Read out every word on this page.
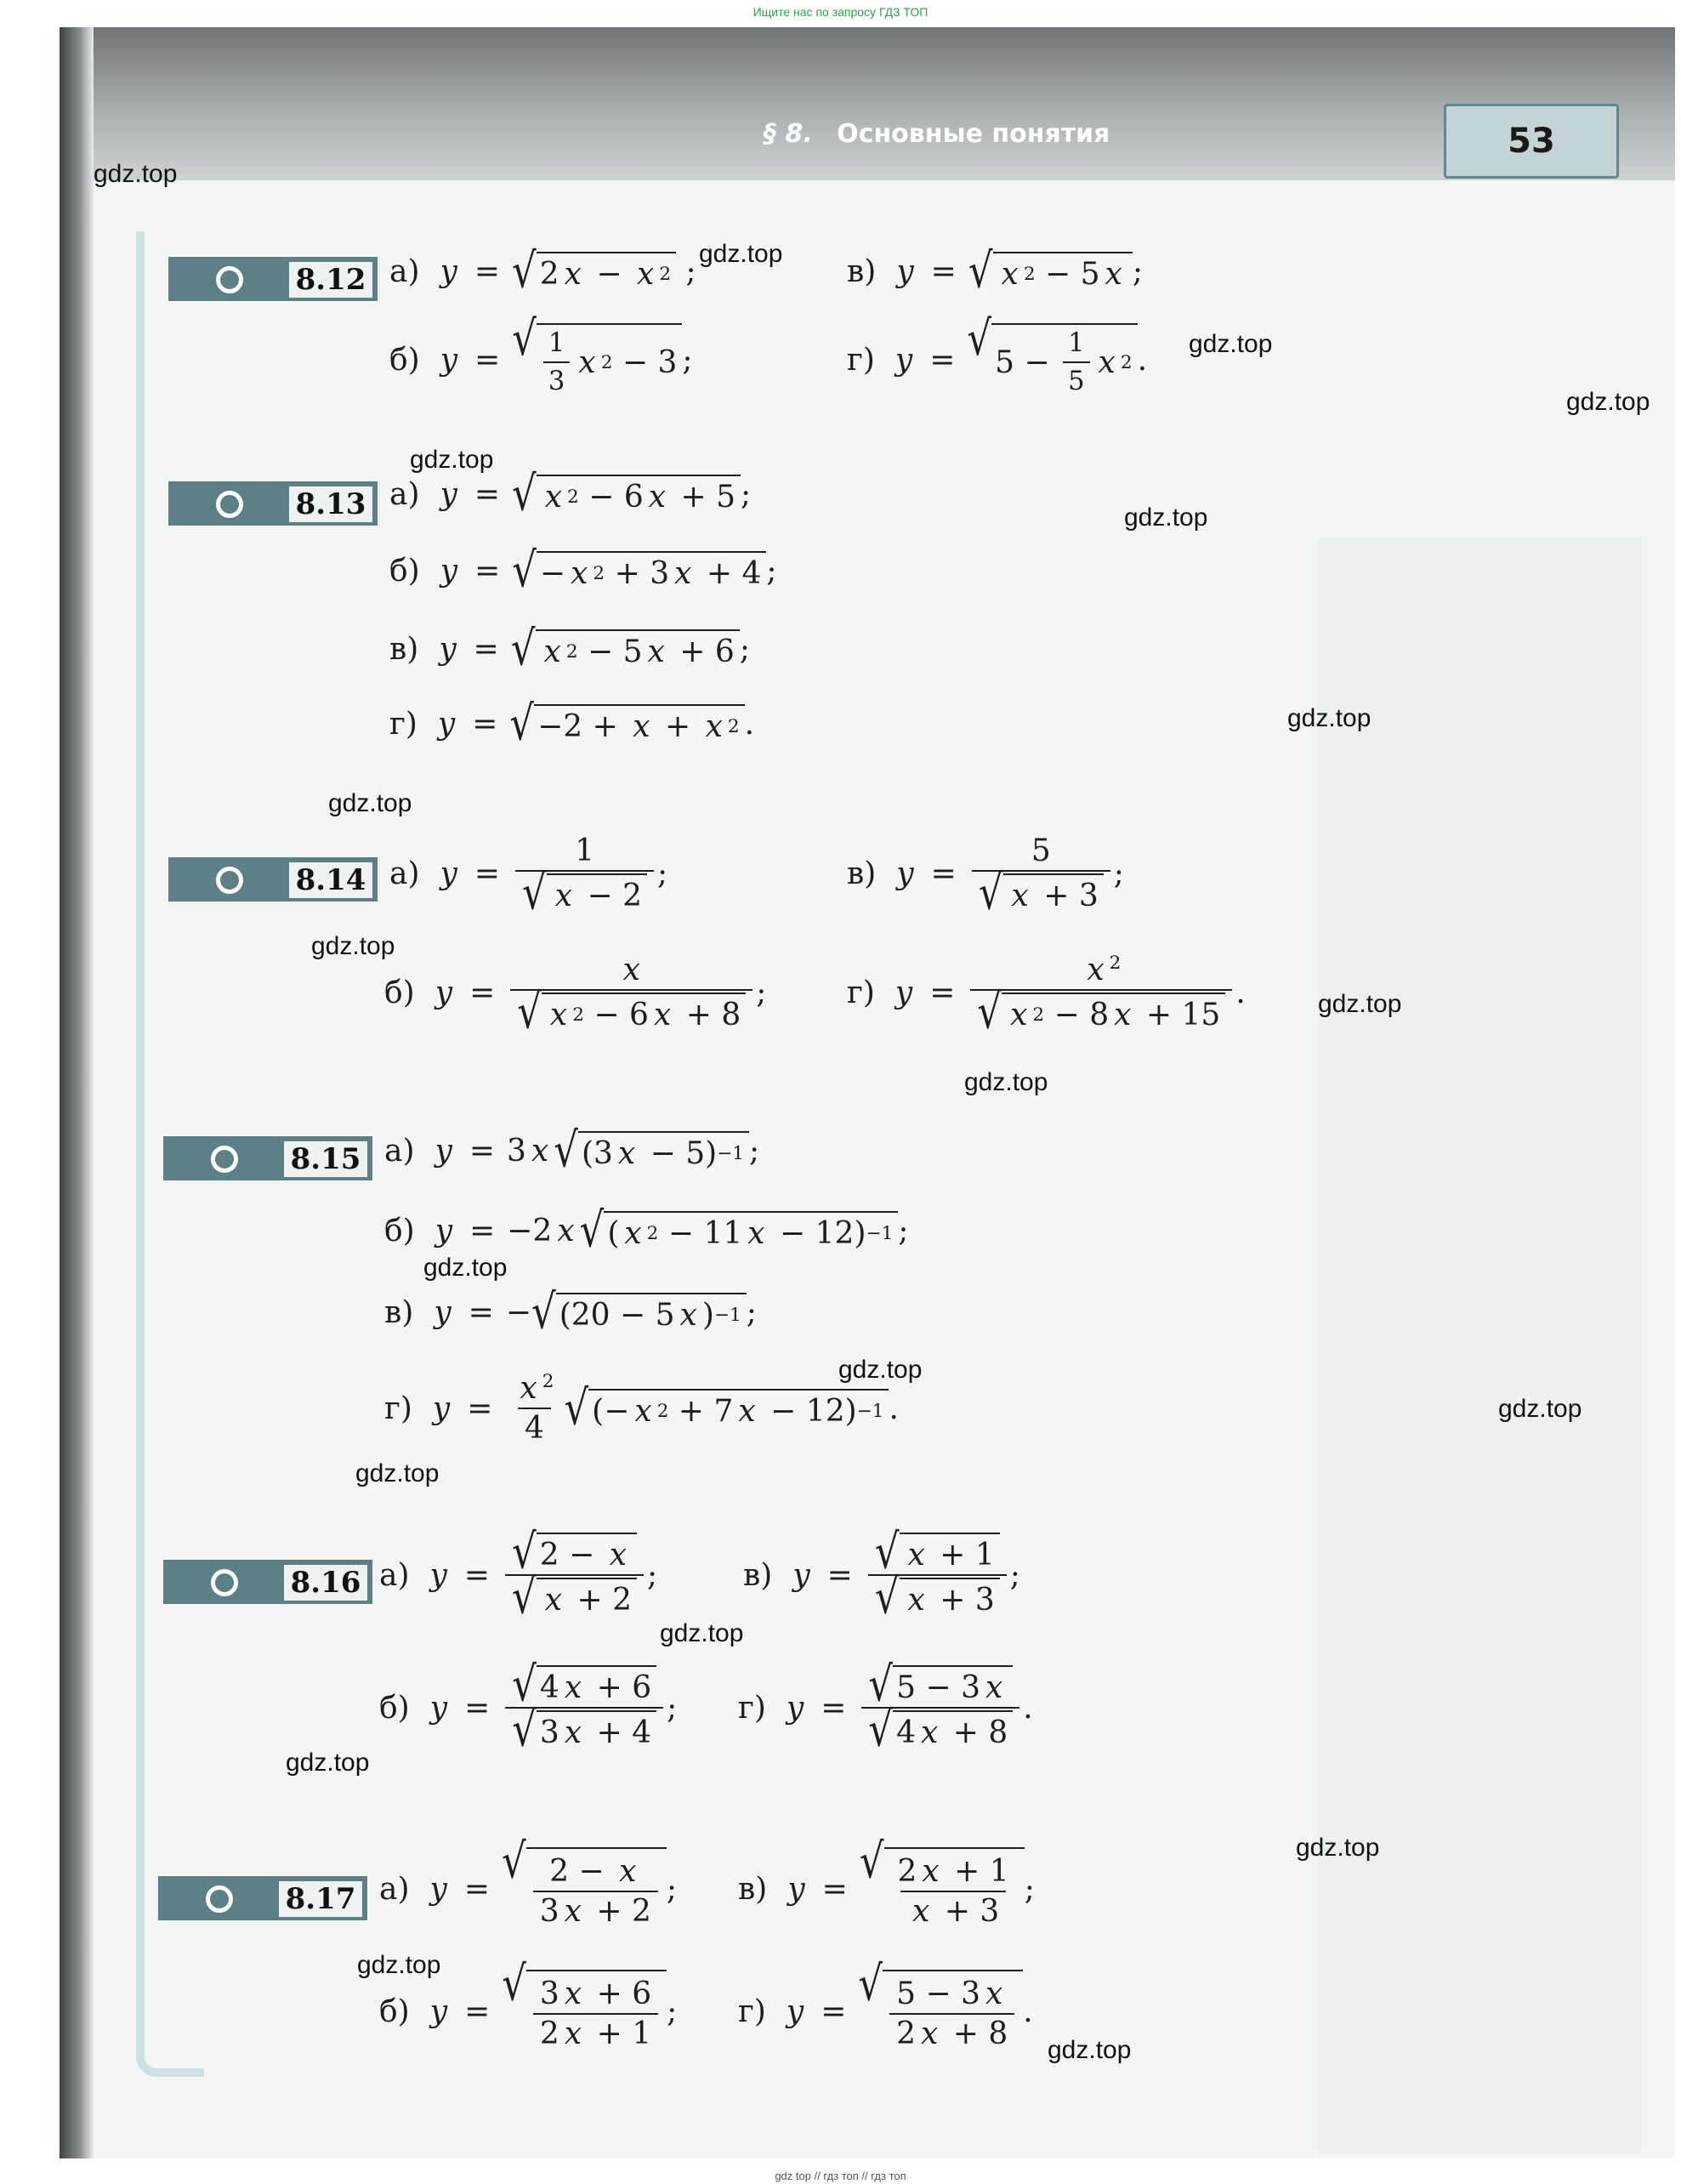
Ищите нас по запросу ГДЗ ТОП
§ 8. Основные понятия	53
gdz.top
gdz.top
gdz.top
gdz.top
gdz.top
gdz.top
gdz.top
gdz.top
gdz.top
gdz.top
gdz.top
gdz.top
gdz.top
gdz.top
gdz.top
gdz.top
gdz.top
gdz.top
gdz.top
gdz.top
8.12 а) y = √ 2 x − x 2 ;	в) y = √ x 2 − 5 x ;
б) y = √ $\frac{1}{3}$ x 2 − 3 ;	г) y = √ $5 - \frac{1}{5}$ x 2 .
8.13 а) y = √ x 2 − 6 x + 5 ;
б) y = √ − x 2 + 3 x + 4 ;
в) y = √ x 2 − 5 x + 6 ;
г) y = √ −2 + x + x 2 .
8.14 а) $y = \frac{1}{√ x - 2}$ ;	в) $y = \frac{5}{√ x + 3}$ ;
б) $y = \frac{x}{√ x 2 - 6 x + 8}$ ;	г) $y = \frac{x ^2}{√ x 2 - 8 x + 15}$ .
8.15 а) y = 3 x √ (3 x − 5) −1 ;
б) y = −2 x √ ( x 2 − 11 x − 12) −1 ;
в) y = − √ (20 − 5 x ) −1 ;
г) $y = \frac{x ^2}{4}$ √ (− x 2 + 7 x − 12) −1 .
8.16 а) $y = \frac{√ 2 - x}{√ x + 2}$ ;	в) $y = \frac{√ x + 1}{√ x + 3}$ ;
б) $y = \frac{√ 4 x + 6}{√ 3 x + 4}$ ; г) $y = \frac{√ 5 - 3 x}{√ 4 x + 8}$ .
8.17 а) y = √ $\frac{2 - x}{3 x + 2}$ ; в) y = √ $\frac{2 x + 1}{x + 3}$ ;
б) y = √ $\frac{3 x + 6}{2 x + 1}$ ; г) y = √ $\frac{5 - 3 x}{2 x + 8}$ .
gdz top // гдз топ // гдз топ
